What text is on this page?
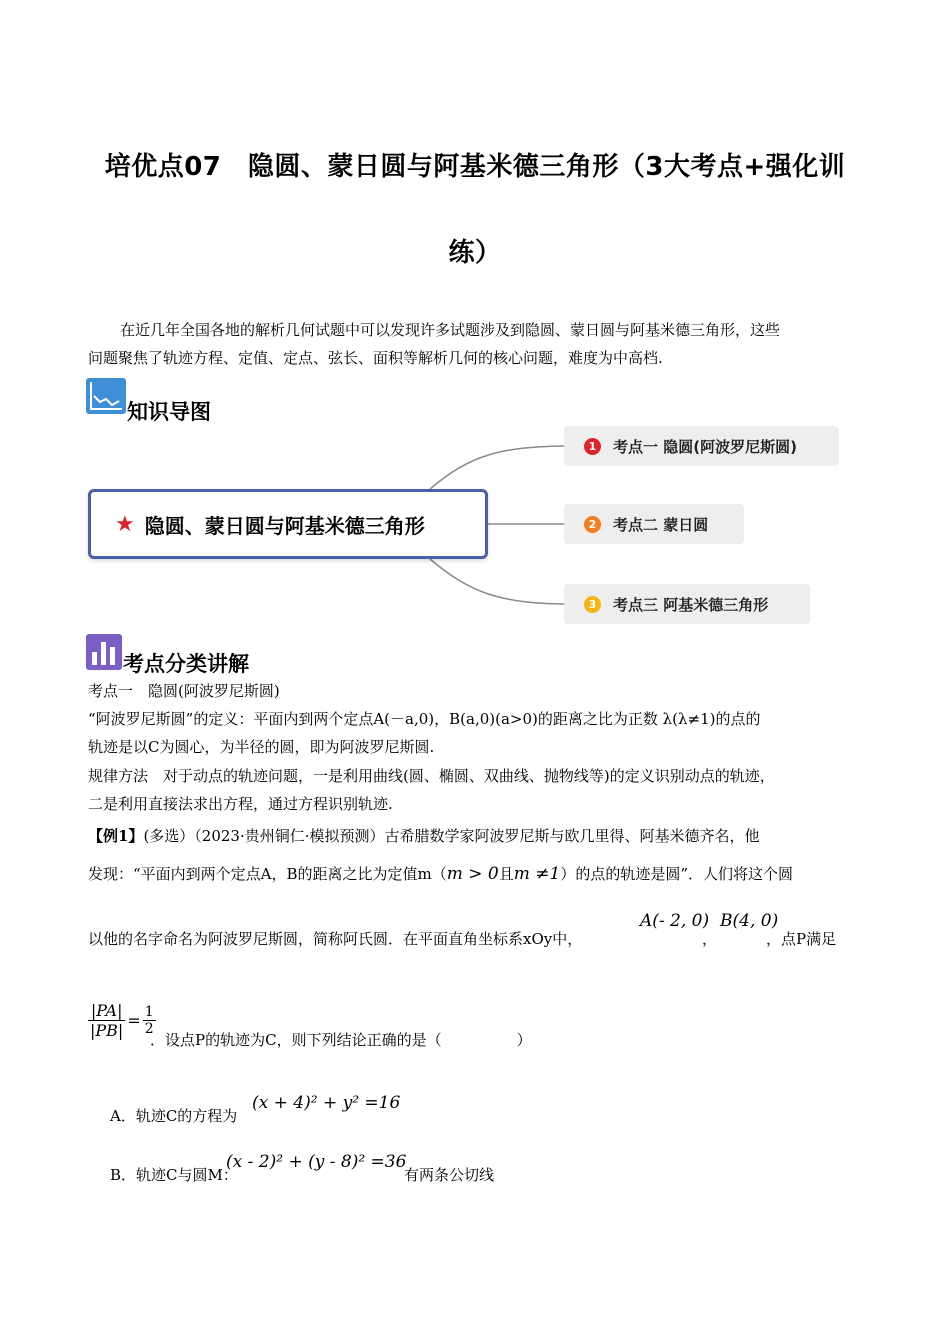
培优点07　隐圆、蒙日圆与阿基米德三角形（3大考点+强化训
练）
在近几年全国各地的解析几何试题中可以发现许多试题涉及到隐圆、蒙日圆与阿基米德三角形，这些
问题聚焦了轨迹方程、定值、定点、弦长、面积等解析几何的核心问题，难度为中高档.
知识导图
★ 隐圆、蒙日圆与阿基米德三角形
1	考点一 隐圆(阿波罗尼斯圆)
2	考点二 蒙日圆
3	考点三 阿基米德三角形
考点分类讲解
考点一　隐圆(阿波罗尼斯圆)
“阿波罗尼斯圆”的定义：平面内到两个定点A(－a,0)，B(a,0)(a>0)的距离之比为正数 λ(λ≠1)的点的
轨迹是以C为圆心，为半径的圆，即为阿波罗尼斯圆.
规律方法　对于动点的轨迹问题，一是利用曲线(圆、椭圆、双曲线、抛物线等)的定义识别动点的轨迹，
二是利用直接法求出方程，通过方程识别轨迹.
【例1】(多选）（2023·贵州铜仁·模拟预测）古希腊数学家阿波罗尼斯与欧几里得、阿基米德齐名，他
发现：“平面内到两个定点A，B的距离之比为定值m（m > 0且m ≠1）的点的轨迹是圆”．人们将这个圆
以他的名字命名为阿波罗尼斯圆，简称阿氏圆．在平面直角坐标系xOy中，
A(- 2, 0)
，
B(4, 0)
，点P满足
$\frac{|PA|}{|PB|} = \frac{1}{2}$
．设点P的轨迹为C，则下列结论正确的是（　　　　　）
A．轨迹C的方程为
(x + 4)² + y² =16
B．轨迹C与圆M：
(x - 2)² + (y - 8)² =36
有两条公切线
